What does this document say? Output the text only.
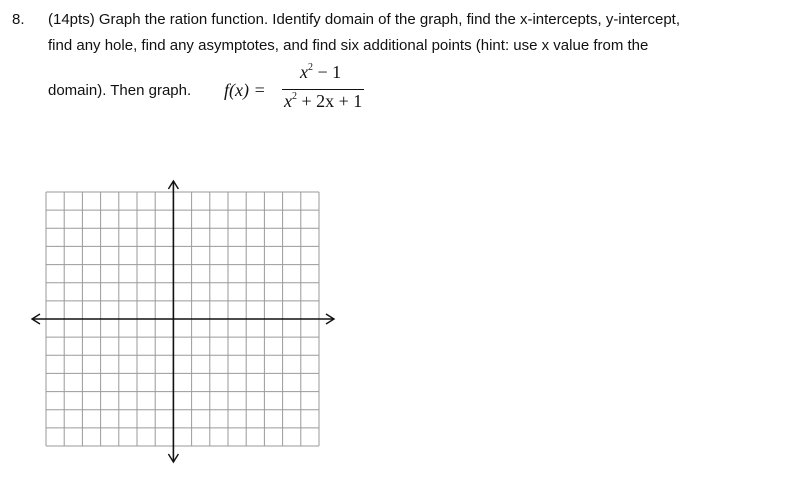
8. (14pts) Graph the ration function. Identify domain of the graph, find the x-intercepts, y-intercept,
find any hole, find any asymptotes, and find six additional points (hint: use x value from the
domain). Then graph. f(x) =
$x^2 - 1$
$x^2 + 2x + 1$
